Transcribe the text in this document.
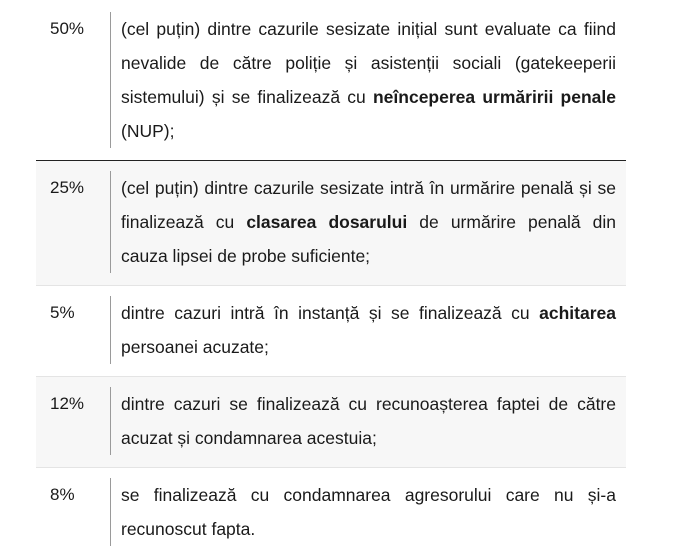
50%	(cel puțin) dintre cazurile sesizate inițial sunt evaluate ca fiind nevalide de către poliție și asistenții sociali (gatekeeperii sistemului) și se finalizează cu neînceperea urmăririi penale (NUP);
25%	(cel puțin) dintre cazurile sesizate intră în urmărire penală și se finalizează cu clasarea dosarului de urmărire penală din cauza lipsei de probe suficiente;
5%	dintre cazuri intră în instanță și se finalizează cu achitarea persoanei acuzate;
12%	dintre cazuri se finalizează cu recunoașterea faptei de către acuzat și condamnarea acestuia;
8%	se finalizează cu condamnarea agresorului care nu și-a recunoscut fapta.
